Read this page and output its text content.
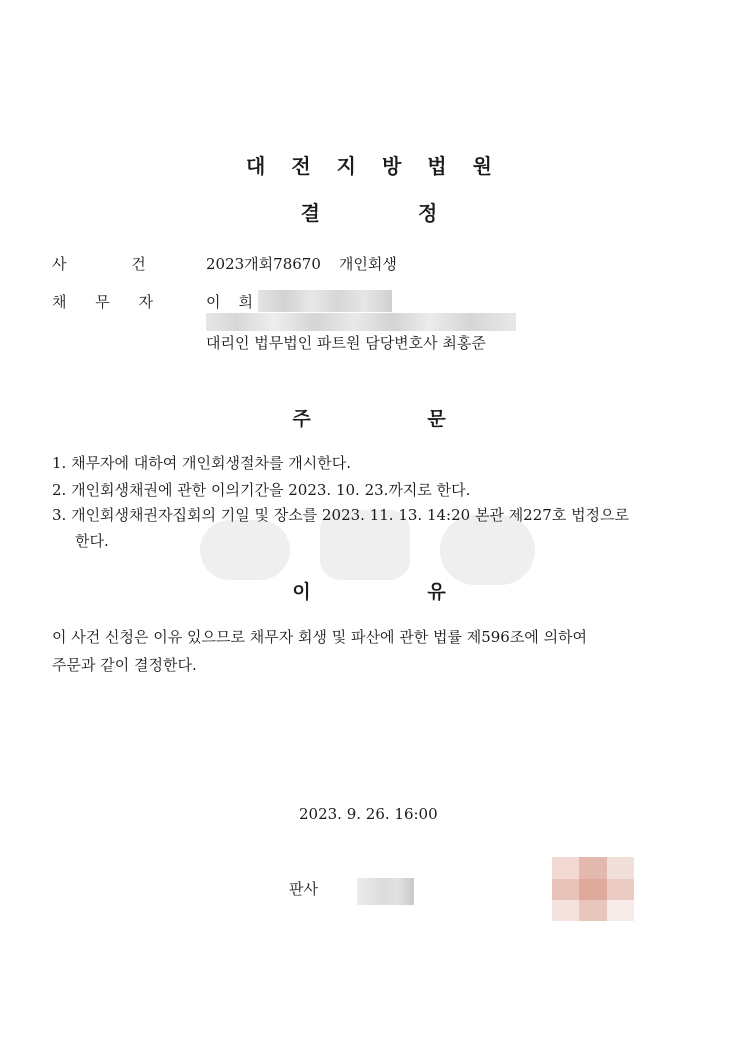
대전지방법원
결	정
사 건	2023개회78670 개인회생
채 무 자	이 희
대리인 법무법인 파트원 담당변호사 최홍준
주	문
1. 채무자에 대하여 개인회생절차를 개시한다.
2. 개인회생채권에 관한 이의기간을 2023. 10. 23.까지로 한다.
3. 개인회생채권자집회의 기일 및 장소를 2023. 11. 13. 14:20 본관 제227호 법정으로
한다.
이	유
이 사건 신청은 이유 있으므로 채무자 회생 및 파산에 관한 법률 제596조에 의하여
주문과 같이 결정한다.
2023. 9. 26. 16:00
판사
